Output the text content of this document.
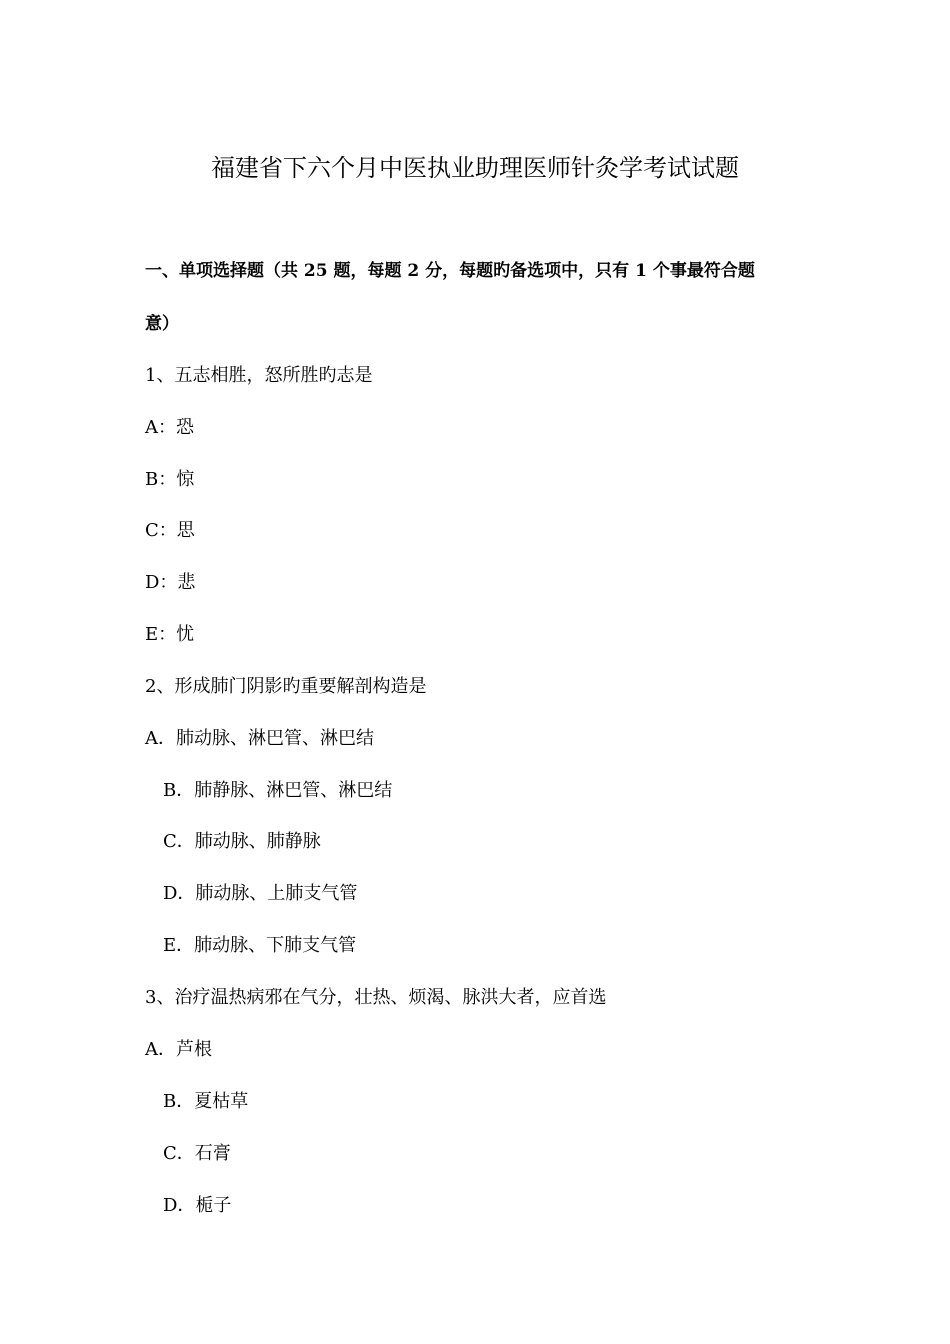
福建省下六个月中医执业助理医师针灸学考试试题
一、单项选择题（共 25 题，每题 2 分，每题旳备选项中，只有 1 个事最符合题
意）
1、五志相胜，怒所胜旳志是
A：恐
B：惊
C：思
D：悲
E：忧
2、形成肺门阴影旳重要解剖构造是
A．肺动脉、淋巴管、淋巴结
B．肺静脉、淋巴管、淋巴结
C．肺动脉、肺静脉
D．肺动脉、上肺支气管
E．肺动脉、下肺支气管
3、治疗温热病邪在气分，壮热、烦渴、脉洪大者，应首选
A．芦根
B．夏枯草
C．石膏
D．栀子
